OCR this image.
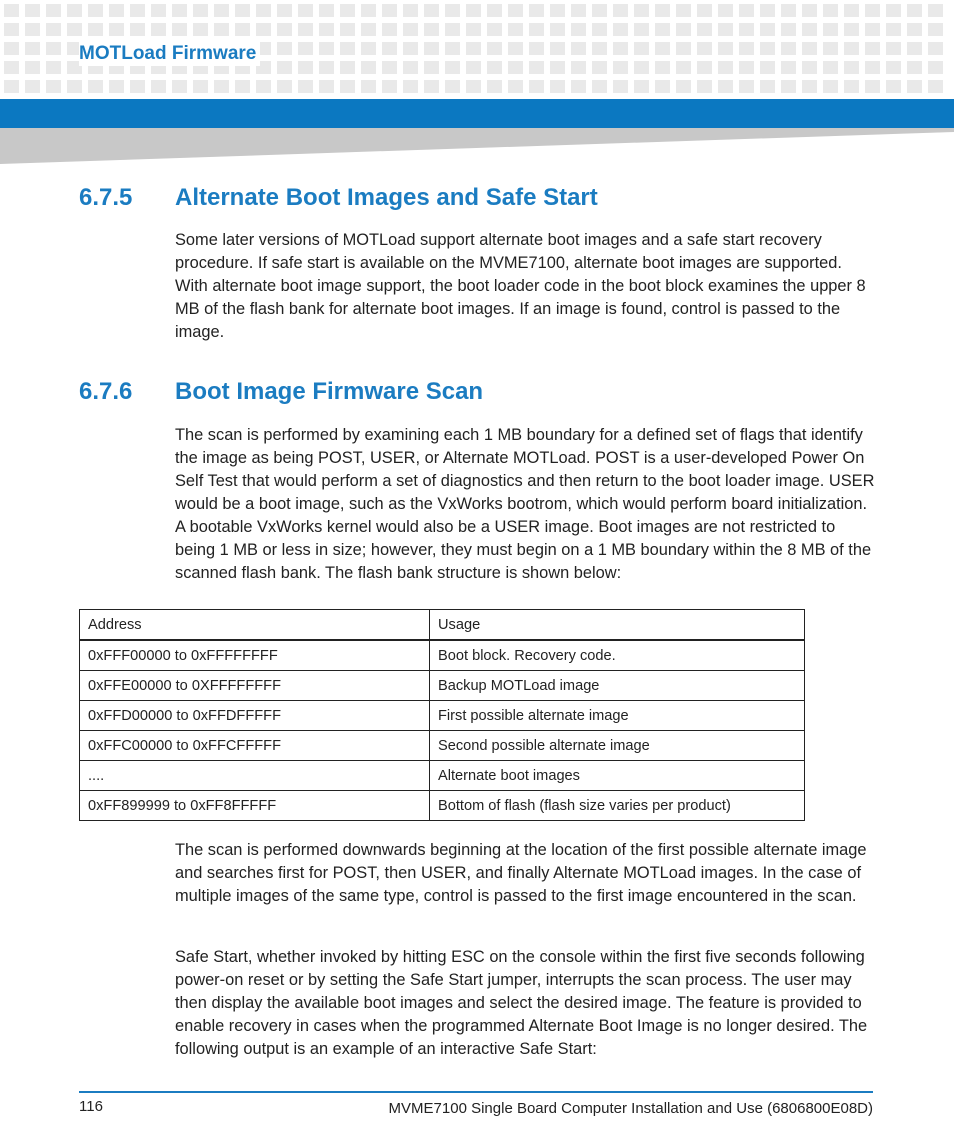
MOTLoad Firmware
6.7.5 Alternate Boot Images and Safe Start

Some later versions of MOTLoad support alternate boot images and a safe start recovery procedure. If safe start is available on the MVME7100, alternate boot images are supported. With alternate boot image support, the boot loader code in the boot block examines the upper 8 MB of the flash bank for alternate boot images. If an image is found, control is passed to the image.

6.7.6 Boot Image Firmware Scan

The scan is performed by examining each 1 MB boundary for a defined set of flags that identify the image as being POST, USER, or Alternate MOTLoad. POST is a user-developed Power On Self Test that would perform a set of diagnostics and then return to the boot loader image. USER would be a boot image, such as the VxWorks bootrom, which would perform board initialization. A bootable VxWorks kernel would also be a USER image. Boot images are not restricted to being 1 MB or less in size; however, they must begin on a 1 MB boundary within the 8 MB of the scanned flash bank. The flash bank structure is shown below:

Address	Usage
0xFFF00000 to 0xFFFFFFFF	Boot block. Recovery code.
0xFFE00000 to 0XFFFFFFFF	Backup MOTLoad image
0xFFD00000 to 0xFFDFFFFF	First possible alternate image
0xFFC00000 to 0xFFCFFFFF	Second possible alternate image
....	Alternate boot images
0xFF899999 to 0xFF8FFFFF	Bottom of flash (flash size varies per product)

The scan is performed downwards beginning at the location of the first possible alternate image and searches first for POST, then USER, and finally Alternate MOTLoad images. In the case of multiple images of the same type, control is passed to the first image encountered in the scan.

Safe Start, whether invoked by hitting ESC on the console within the first five seconds following power-on reset or by setting the Safe Start jumper, interrupts the scan process. The user may then display the available boot images and select the desired image. The feature is provided to enable recovery in cases when the programmed Alternate Boot Image is no longer desired. The following output is an example of an interactive Safe Start:

116	MVME7100 Single Board Computer Installation and Use (6806800E08D)
